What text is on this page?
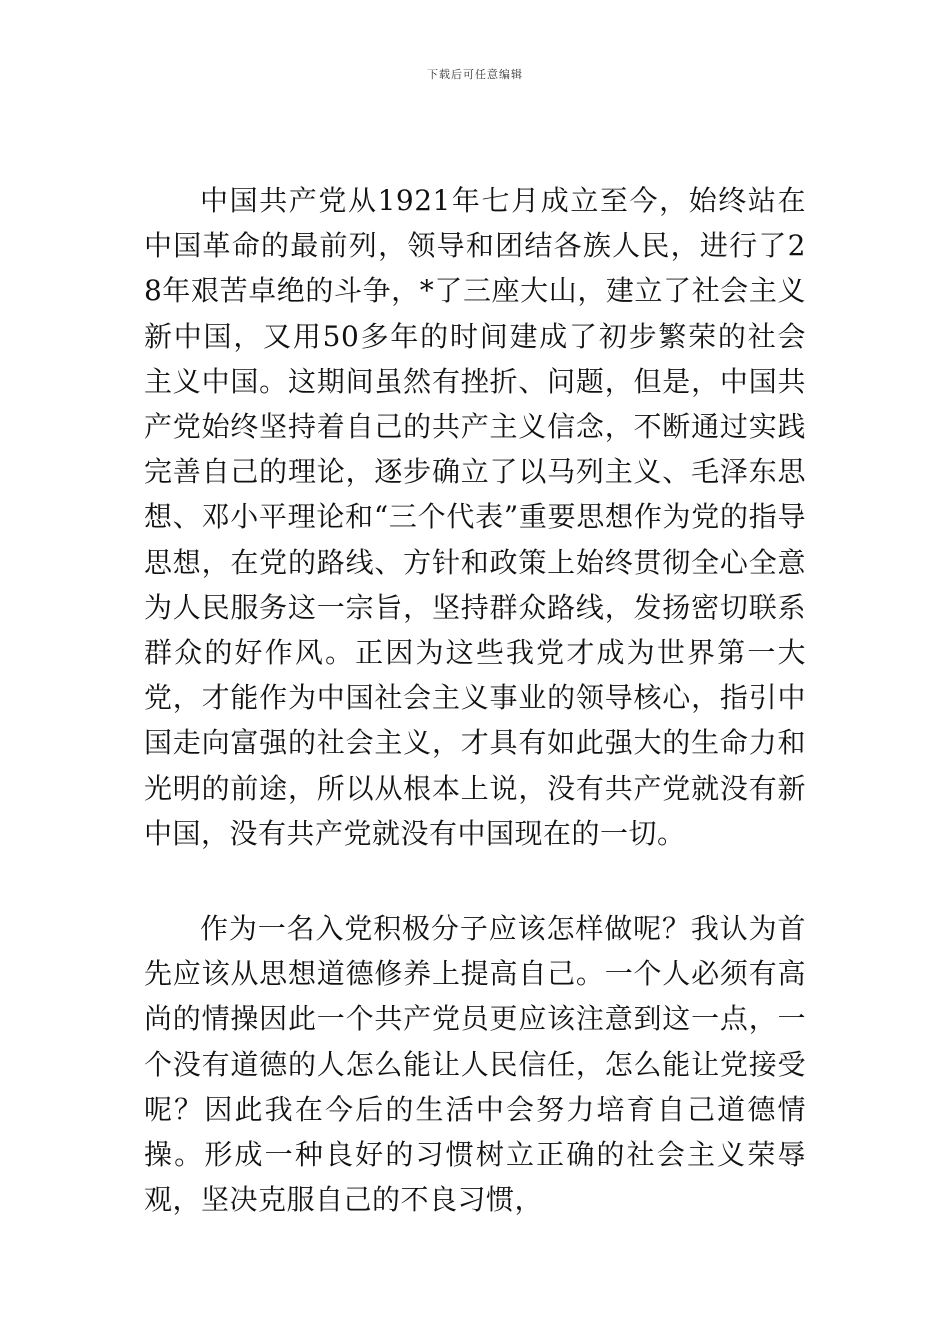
下载后可任意编辑

中国共产党从1921年七月成立至今，始终站在中国革命的最前列，领导和团结各族人民，进行了28年艰苦卓绝的斗争，*了三座大山，建立了社会主义新中国，又用50多年的时间建成了初步繁荣的社会主义中国。这期间虽然有挫折、问题，但是，中国共产党始终坚持着自己的共产主义信念，不断通过实践完善自己的理论，逐步确立了以马列主义、毛泽东思想、邓小平理论和“三个代表”重要思想作为党的指导思想，在党的路线、方针和政策上始终贯彻全心全意为人民服务这一宗旨，坚持群众路线，发扬密切联系群众的好作风。正因为这些我党才成为世界第一大党，才能作为中国社会主义事业的领导核心，指引中国走向富强的社会主义，才具有如此强大的生命力和光明的前途，所以从根本上说，没有共产党就没有新中国，没有共产党就没有中国现在的一切。

作为一名入党积极分子应该怎样做呢？我认为首先应该从思想道德修养上提高自己。一个人必须有高尚的情操因此一个共产党员更应该注意到这一点，一个没有道德的人怎么能让人民信任，怎么能让党接受呢？因此我在今后的生活中会努力培育自己道德情操。形成一种良好的习惯树立正确的社会主义荣辱观，坚决克服自己的不良习惯，
